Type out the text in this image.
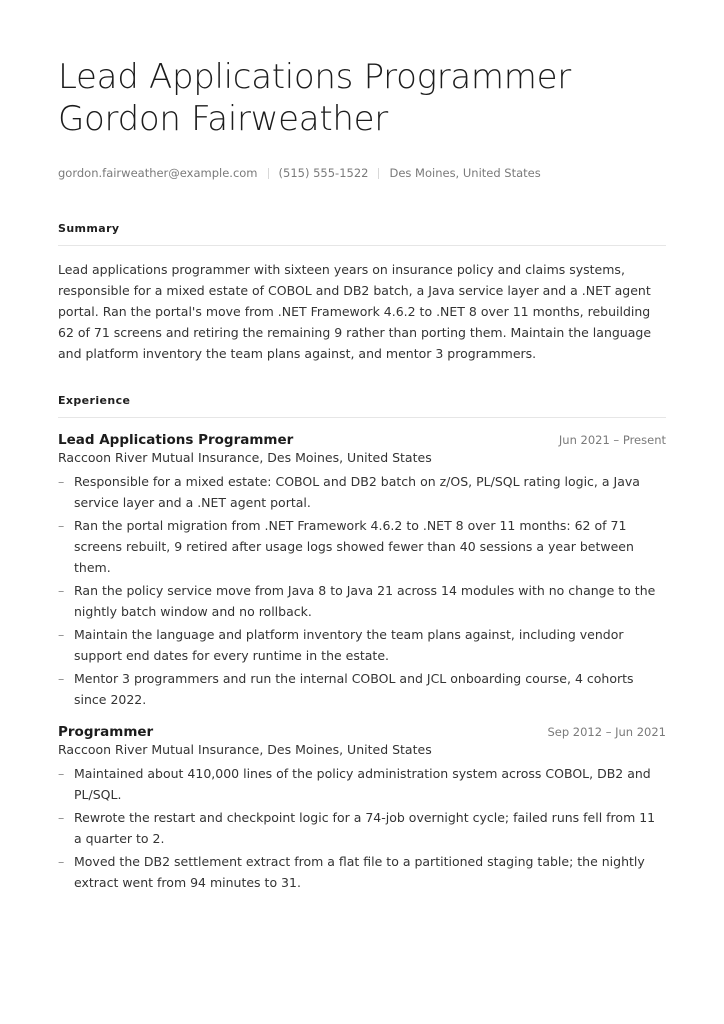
Lead Applications Programmer
Gordon Fairweather
gordon.fairweather@example.com (515) 555-1522 Des Moines, United States
Summary

Lead applications programmer with sixteen years on insurance policy and claims systems, responsible for a mixed estate of COBOL and DB2 batch, a Java service layer and a .NET agent portal. Ran the portal's move from .NET Framework 4.6.2 to .NET 8 over 11 months, rebuilding 62 of 71 screens and retiring the remaining 9 rather than porting them. Maintain the language and platform inventory the team plans against, and mentor 3 programmers.

Experience
Lead Applications Programmer	Jun 2021 – Present
Raccoon River Mutual Insurance, Des Moines, United States
– Responsible for a mixed estate: COBOL and DB2 batch on z/OS, PL/SQL rating logic, a Java service layer and a .NET agent portal.
– Ran the portal migration from .NET Framework 4.6.2 to .NET 8 over 11 months: 62 of 71 screens rebuilt, 9 retired after usage logs showed fewer than 40 sessions a year between them.
– Ran the policy service move from Java 8 to Java 21 across 14 modules with no change to the nightly batch window and no rollback.
– Maintain the language and platform inventory the team plans against, including vendor support end dates for every runtime in the estate.
– Mentor 3 programmers and run the internal COBOL and JCL onboarding course, 4 cohorts since 2022.
Programmer	Sep 2012 – Jun 2021
Raccoon River Mutual Insurance, Des Moines, United States
– Maintained about 410,000 lines of the policy administration system across COBOL, DB2 and PL/SQL.
– Rewrote the restart and checkpoint logic for a 74-job overnight cycle; failed runs fell from 11 a quarter to 2.
– Moved the DB2 settlement extract from a flat file to a partitioned staging table; the nightly extract went from 94 minutes to 31.
